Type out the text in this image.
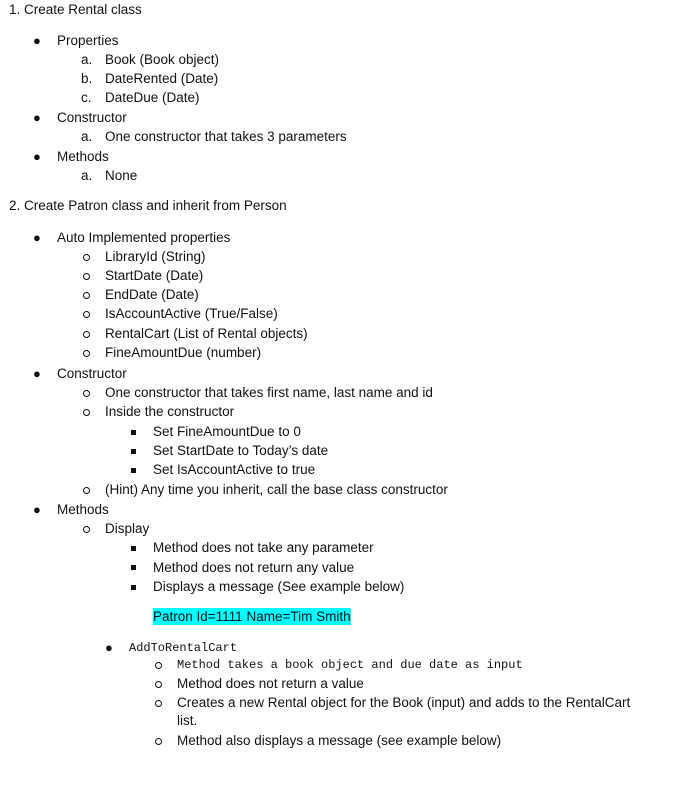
1. Create Rental class
● Properties
a. Book (Book object)
b. DateRented (Date)
c. DateDue (Date)
● Constructor
a. One constructor that takes 3 parameters
● Methods
a. None
2. Create Patron class and inherit from Person
● Auto Implemented properties
LibraryId (String)
StartDate (Date)
EndDate (Date)
IsAccountActive (True/False)
RentalCart (List of Rental objects)
FineAmountDue (number)
● Constructor
One constructor that takes first name, last name and id
Inside the constructor
Set FineAmountDue to 0
Set StartDate to Today’s date
Set IsAccountActive to true
(Hint) Any time you inherit, call the base class constructor
● Methods
Display
Method does not take any parameter
Method does not return any value
Displays a message (See example below)
Patron Id=1111 Name=Tim Smith
● AddToRentalCart
Method takes a book object and due date as input
Method does not return a value
Creates a new Rental object for the Book (input) and adds to the RentalCart
list.
Method also displays a message (see example below)
